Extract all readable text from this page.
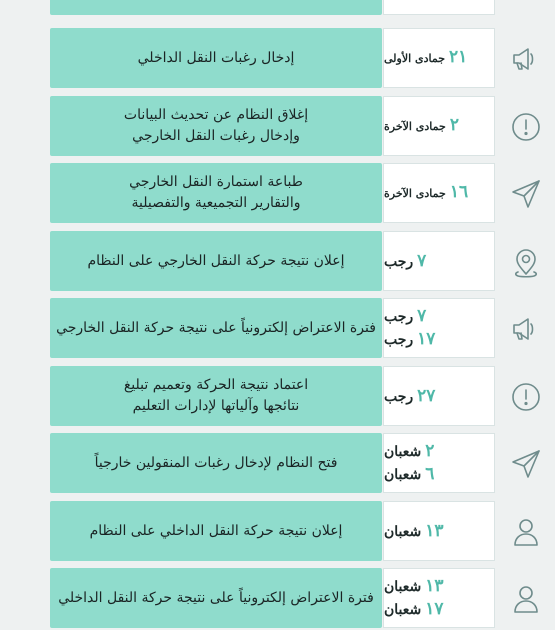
٢١
جمادى الأولى
إدخال رغبات النقل الداخلي
٢
جمادى الآخرة
إغلاق النظام عن تحديث البيانات
وإدخال رغبات النقل الخارجي
١٦
جمادى الآخرة
طباعة استمارة النقل الخارجي
والتقارير التجميعية والتفصيلية
٧
رجب
إعلان نتيجة حركة النقل الخارجي على النظام
٧
رجب
١٧
رجب
فترة الاعتراض إلكترونياً على نتيجة حركة النقل الخارجي
٢٧
رجب
اعتماد نتيجة الحركة وتعميم تبليغ
نتائجها وآلياتها لإدارات التعليم
٢
شعبان
٦
شعبان
فتح النظام لإدخال رغبات المنقولين خارجياً
١٣
شعبان
إعلان نتيجة حركة النقل الداخلي على النظام
١٣
شعبان
١٧
شعبان
فترة الاعتراض إلكترونياً على نتيجة حركة النقل الداخلي
